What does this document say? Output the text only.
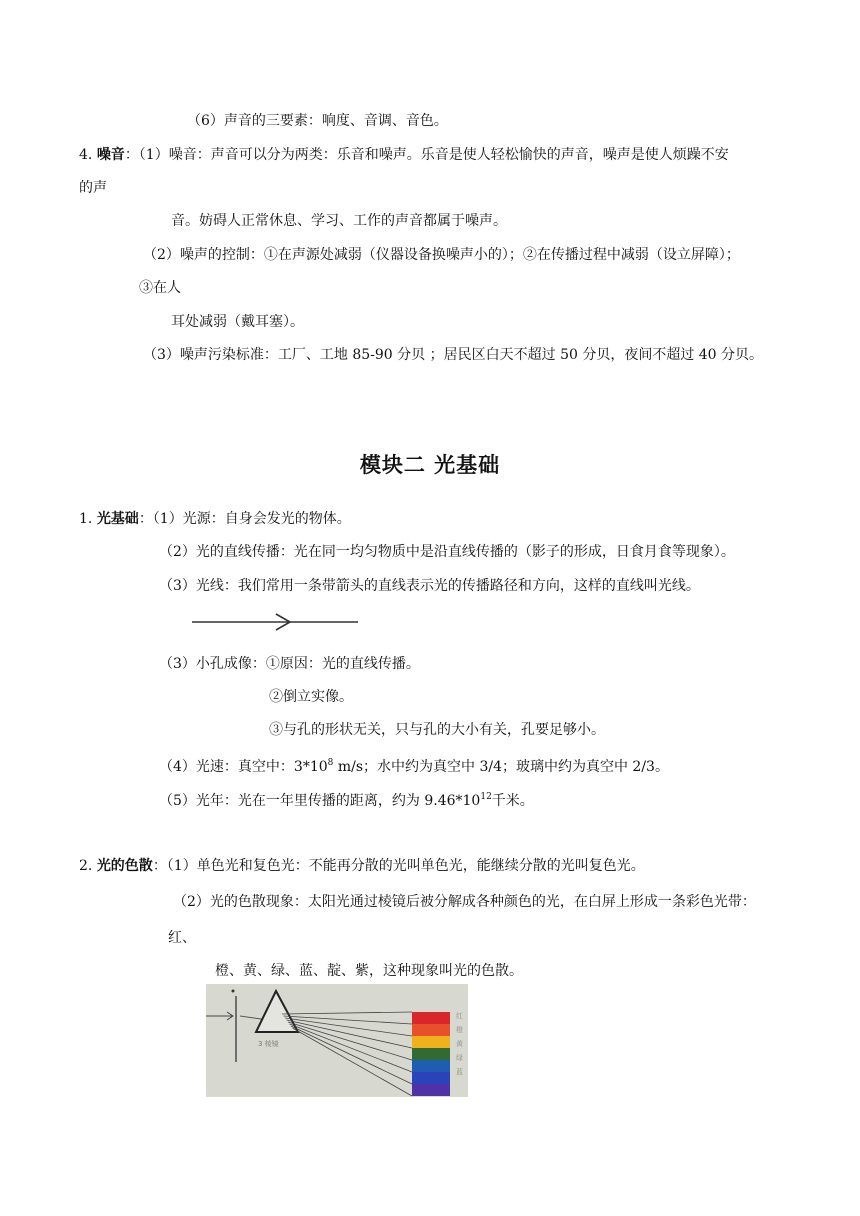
（6）声音的三要素：响度、音调、音色。
4. 噪音：（1）噪音：声音可以分为两类：乐音和噪声。乐音是使人轻松愉快的声音，噪声是使人烦躁不安
的声
音。妨碍人正常休息、学习、工作的声音都属于噪声。
（2）噪声的控制：①在声源处减弱（仪器设备换噪声小的）；②在传播过程中减弱（设立屏障）；
③在人
耳处减弱（戴耳塞）。
（3）噪声污染标准：工厂、工地 85-90 分贝 ；居民区白天不超过 50 分贝，夜间不超过 40 分贝。
模块二 光基础
1. 光基础：（1）光源：自身会发光的物体。
（2）光的直线传播：光在同一均匀物质中是沿直线传播的（影子的形成，日食月食等现象）。
（3）光线：我们常用一条带箭头的直线表示光的传播路径和方向，这样的直线叫光线。
（3）小孔成像：①原因：光的直线传播。
②倒立实像。
③与孔的形状无关，只与孔的大小有关，孔要足够小。
（4）光速：真空中：$3*10^8$ m/s；水中约为真空中 3/4；玻璃中约为真空中 2/3。
（5）光年：光在一年里传播的距离，约为 $9.46*10^{12}$千米。
2. 光的色散：（1）单色光和复色光：不能再分散的光叫单色光，能继续分散的光叫复色光。
（2）光的色散现象：太阳光通过棱镜后被分解成各种颜色的光，在白屏上形成一条彩色光带：
红、
橙、黄、绿、蓝、靛、紫，这种现象叫光的色散。
3 棱镜
红
橙
黄
绿
蓝
